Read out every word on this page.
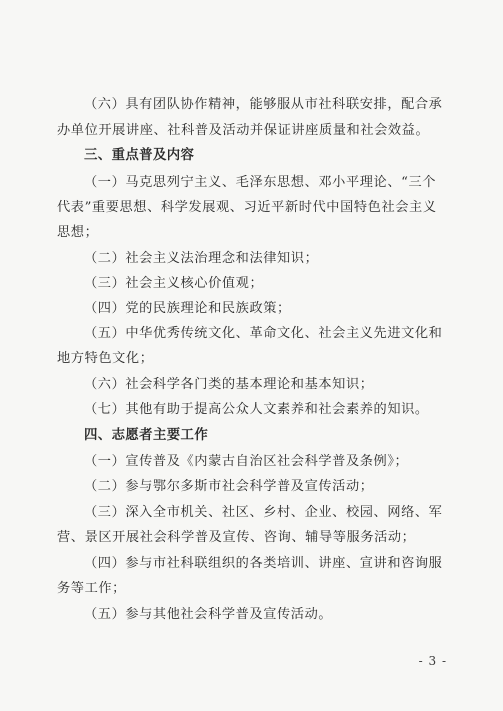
（六）具有团队协作精神，能够服从市社科联安排，配合承
办单位开展讲座、社科普及活动并保证讲座质量和社会效益。
三、重点普及内容
（一）马克思列宁主义、毛泽东思想、邓小平理论、“三个
代表”重要思想、科学发展观、习近平新时代中国特色社会主义
思想；
（二）社会主义法治理念和法律知识；
（三）社会主义核心价值观；
（四）党的民族理论和民族政策；
（五）中华优秀传统文化、革命文化、社会主义先进文化和
地方特色文化；
（六）社会科学各门类的基本理论和基本知识；
（七）其他有助于提高公众人文素养和社会素养的知识。
四、志愿者主要工作
（一）宣传普及《内蒙古自治区社会科学普及条例》；
（二）参与鄂尔多斯市社会科学普及宣传活动；
（三）深入全市机关、社区、乡村、企业、校园、网络、军
营、景区开展社会科学普及宣传、咨询、辅导等服务活动；
（四）参与市社科联组织的各类培训、讲座、宣讲和咨询服
务等工作；
（五）参与其他社会科学普及宣传活动。
- 3 -
